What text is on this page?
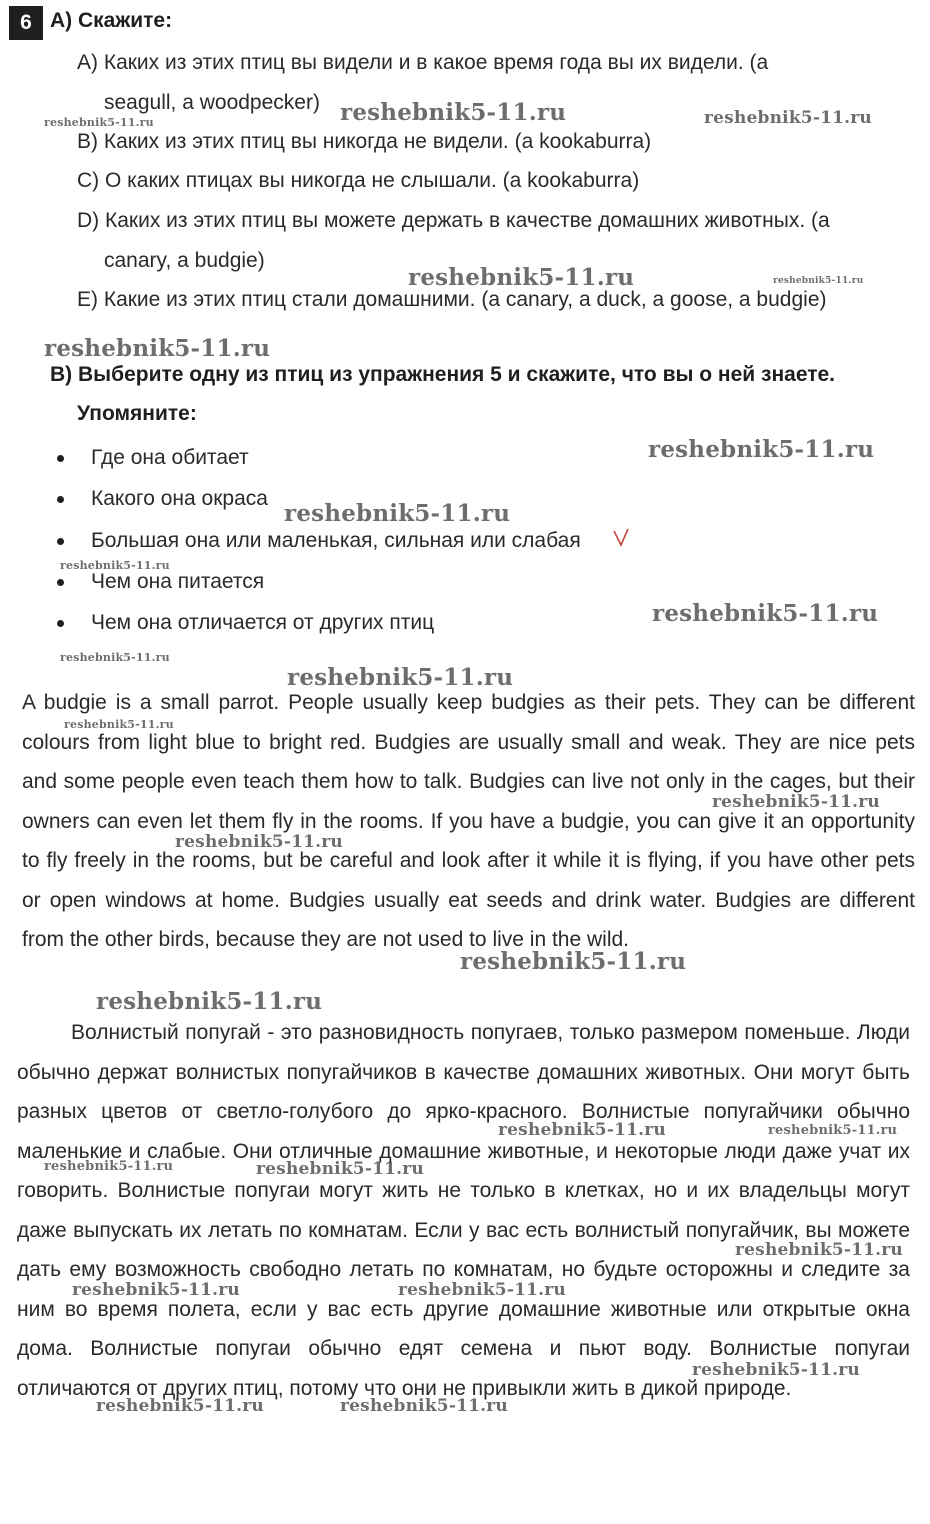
6 А) Скажите:
A) Каких из этих птиц вы видели и в какое время года вы их видели. (a
seagull, a woodpecker)
B) Каких из этих птиц вы никогда не видели. (a kookaburra)
C) О каких птицах вы никогда не слышали. (a kookaburra)
D) Каких из этих птиц вы можете держать в качестве домашних животных. (a
canary, a budgie)
E) Какие из этих птиц стали домашними. (a canary, a duck, a goose, a budgie)
B) Выберите одну из птиц из упражнения 5 и скажите, что вы о ней знаете.
Упомяните:
Где она обитает
Какого она окраса
Большая она или маленькая, сильная или слабая
Чем она питается
Чем она отличается от других птиц
A budgie is a small parrot. People usually keep budgies as their pets. They can be different colours from light blue to bright red. Budgies are usually small and weak. They are nice pets and some people even teach them how to talk. Budgies can live not only in the cages, but their owners can even let them fly in the rooms. If you have a budgie, you can give it an opportunity to fly freely in the rooms, but be careful and look after it while it is flying, if you have other pets or open windows at home. Budgies usually eat seeds and drink water. Budgies are different from the other birds, because they are not used to live in the wild.
Волнистый попугай - это разновидность попугаев, только размером поменьше. Люди обычно держат волнистых попугайчиков в качестве домашних животных. Они могут быть разных цветов от светло-голубого до ярко-красного. Волнистые попугайчики обычно маленькие и слабые. Они отличные домашние животные, и некоторые люди даже учат их говорить. Волнистые попугаи могут жить не только в клетках, но и их владельцы могут даже выпускать их летать по комнатам. Если у вас есть волнистый попугайчик, вы можете дать ему возможность свободно летать по комнатам, но будьте осторожны и следите за ним во время полета, если у вас есть другие домашние животные или открытые окна дома. Волнистые попугаи обычно едят семена и пьют воду. Волнистые попугаи отличаются от других птиц, потому что они не привыкли жить в дикой природе.
reshebnik5-11.ru
reshebnik5-11.ru	reshebnik5-11.ru
reshebnik5-11.ru	reshebnik5-11.ru
reshebnik5-11.ru
reshebnik5-11.ru
reshebnik5-11.ru
reshebnik5-11.ru
reshebnik5-11.ru
reshebnik5-11.ru
reshebnik5-11.ru
reshebnik5-11.ru
reshebnik5-11.ru
reshebnik5-11.ru
reshebnik5-11.ru
reshebnik5-11.ru
reshebnik5-11.ru	reshebnik5-11.ru
reshebnik5-11.ru	reshebnik5-11.ru
reshebnik5-11.ru
reshebnik5-11.ru	reshebnik5-11.ru
reshebnik5-11.ru
reshebnik5-11.ru	reshebnik5-11.ru
